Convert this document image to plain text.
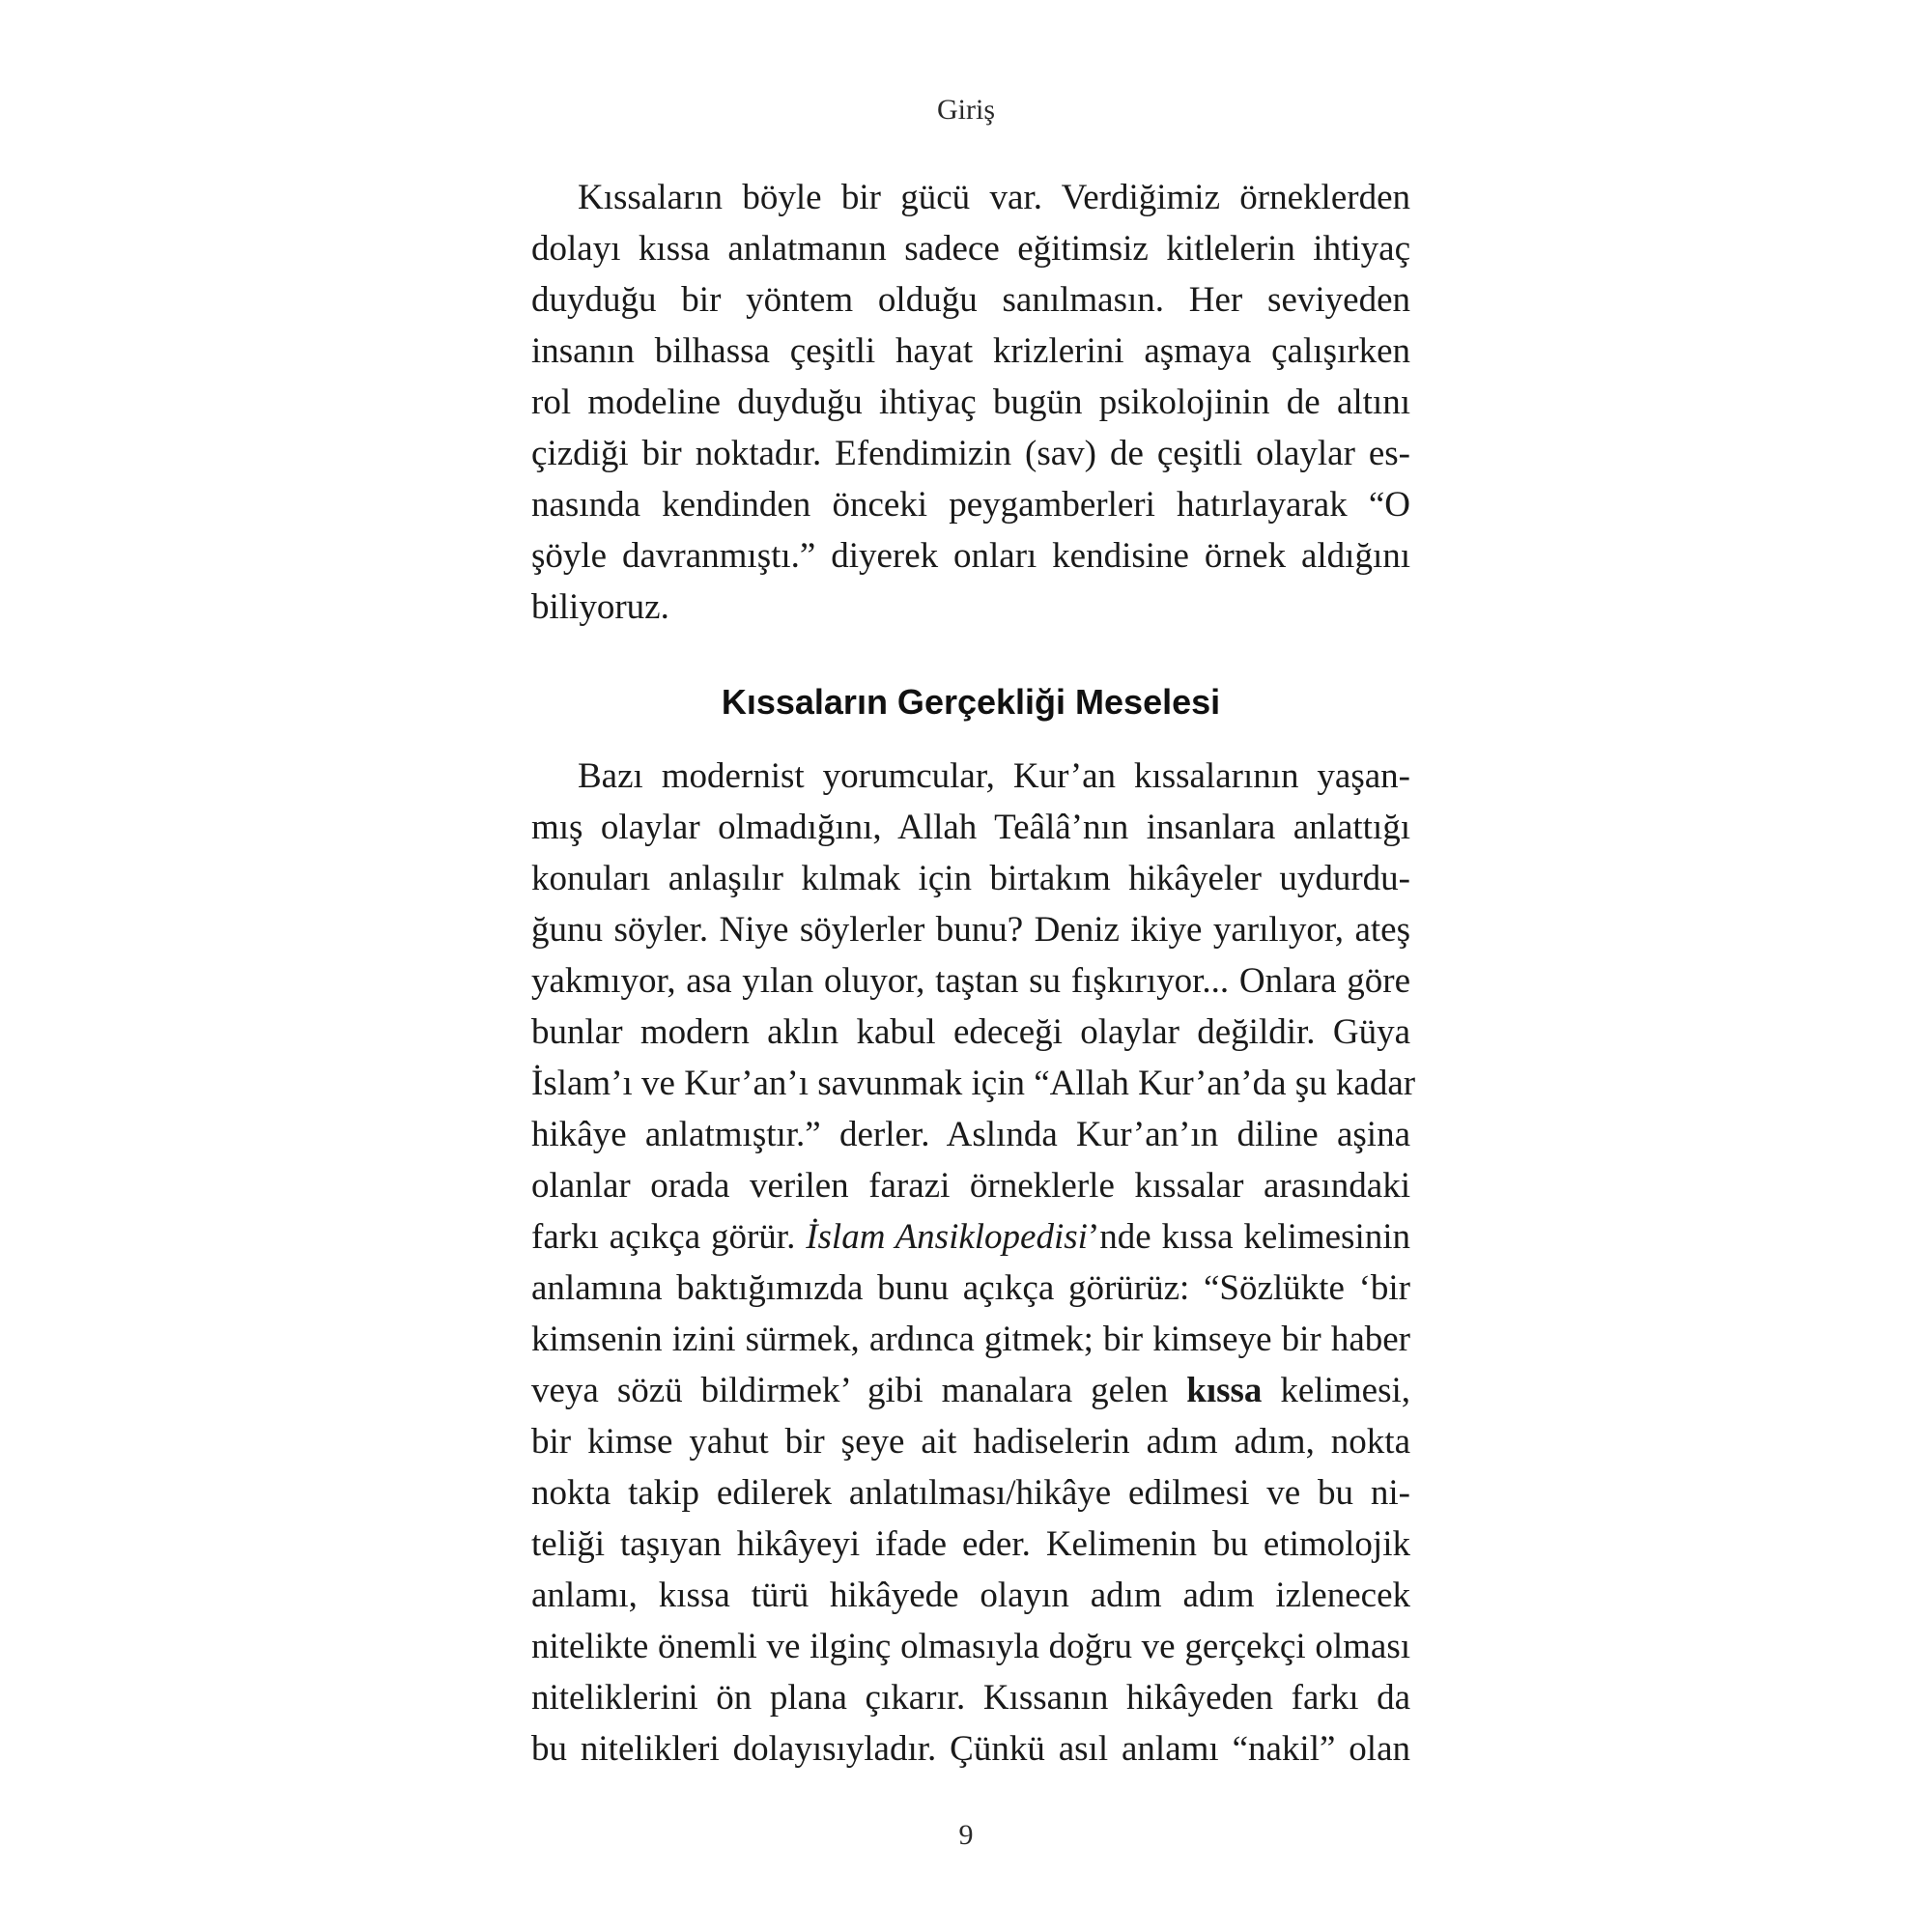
Giriş
Kıssaların böyle bir gücü var. Verdiğimiz örneklerden
dolayı kıssa anlatmanın sadece eğitimsiz kitlelerin ihtiyaç
duyduğu bir yöntem olduğu sanılmasın. Her seviyeden
insanın bilhassa çeşitli hayat krizlerini aşmaya çalışırken
rol modeline duyduğu ihtiyaç bugün psikolojinin de altını
çizdiği bir noktadır. Efendimizin (sav) de çeşitli olaylar es-
nasında kendinden önceki peygamberleri hatırlayarak “O
şöyle davranmıştı.” diyerek onları kendisine örnek aldığını
biliyoruz.
Kıssaların Gerçekliği Meselesi
Bazı modernist yorumcular, Kur’an kıssalarının yaşan-
mış olaylar olmadığını, Allah Teâlâ’nın insanlara anlattığı
konuları anlaşılır kılmak için birtakım hikâyeler uydurdu-
ğunu söyler. Niye söylerler bunu? Deniz ikiye yarılıyor, ateş
yakmıyor, asa yılan oluyor, taştan su fışkırıyor... Onlara göre
bunlar modern aklın kabul edeceği olaylar değildir. Güya
İslam’ı ve Kur’an’ı savunmak için “Allah Kur’an’da şu kadar
hikâye anlatmıştır.” derler. Aslında Kur’an’ın diline aşina
olanlar orada verilen farazi örneklerle kıssalar arasındaki
farkı açıkça görür. İslam Ansiklopedisi’nde kıssa kelimesinin
anlamına baktığımızda bunu açıkça görürüz: “Sözlükte ‘bir
kimsenin izini sürmek, ardınca gitmek; bir kimseye bir haber
veya sözü bildirmek’ gibi manalara gelen kıssa kelimesi,
bir kimse yahut bir şeye ait hadiselerin adım adım, nokta
nokta takip edilerek anlatılması/hikâye edilmesi ve bu ni-
teliği taşıyan hikâyeyi ifade eder. Kelimenin bu etimolojik
anlamı, kıssa türü hikâyede olayın adım adım izlenecek
nitelikte önemli ve ilginç olmasıyla doğru ve gerçekçi olması
niteliklerini ön plana çıkarır. Kıssanın hikâyeden farkı da
bu nitelikleri dolayısıyladır. Çünkü asıl anlamı “nakil” olan
9
